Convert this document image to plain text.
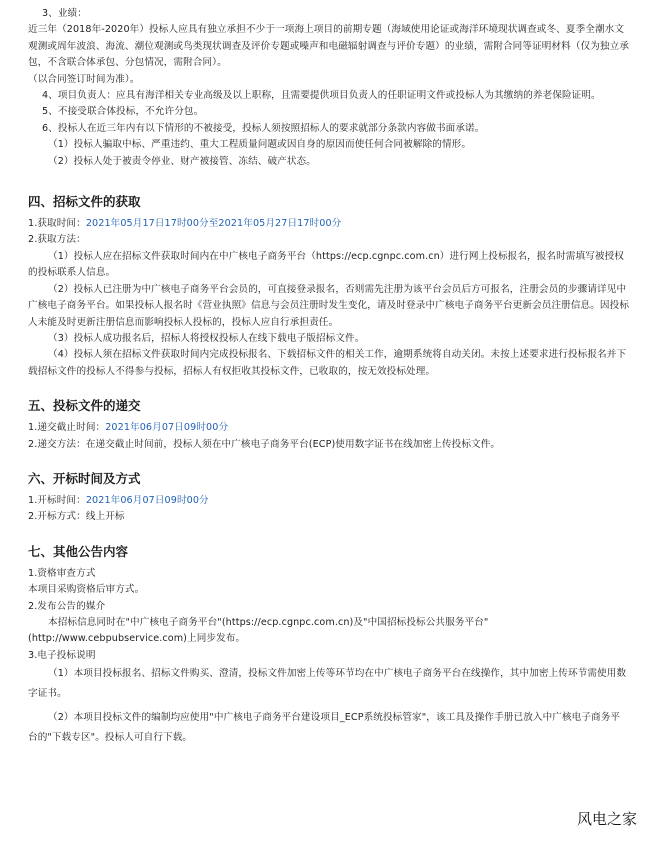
3、业绩：

近三年（2018年-2020年）投标人应具有独立承担不少于一项海上项目的前期专题（海域使用论证或海洋环境现状调查或冬、夏季全潮水文观测或周年波浪、海流、潮位观测或鸟类现状调查及评价专题或噪声和电磁辐射调查与评价专题）的业绩，需附合同等证明材料（仅为独立承包，不含联合体承包、分包情况，需附合同）。

（以合同签订时间为准）。

4、项目负责人：应具有海洋相关专业高级及以上职称，且需要提供项目负责人的任职证明文件或投标人为其缴纳的养老保险证明。

5、不接受联合体投标，不允许分包。

6、投标人在近三年内有以下情形的不被接受，投标人须按照招标人的要求就部分条款内容做书面承诺。

（1）投标人骗取中标、严重违约、重大工程质量问题或因自身的原因而使任何合同被解除的情形。

（2）投标人处于被责令停业、财产被接管、冻结、破产状态。

四、招标文件的获取

1.获取时间：2021年05月17日17时00分至2021年05月27日17时00分

2.获取方法：

（1）投标人应在招标文件获取时间内在中广核电子商务平台（https://ecp.cgnpc.com.cn）进行网上投标报名，报名时需填写被授权的投标联系人信息。

（2）投标人已注册为中广核电子商务平台会员的，可直接登录报名，否则需先注册为该平台会员后方可报名，注册会员的步骤请详见中广核电子商务平台。如果投标人报名时《营业执照》信息与会员注册时发生变化，请及时登录中广核电子商务平台更新会员注册信息。因投标人未能及时更新注册信息而影响投标人投标的，投标人应自行承担责任。

（3）投标人成功报名后，招标人将授权投标人在线下载电子版招标文件。

（4）投标人须在招标文件获取时间内完成投标报名、下载招标文件的相关工作，逾期系统将自动关闭。未按上述要求进行投标报名并下载招标文件的投标人不得参与投标，招标人有权拒收其投标文件，已收取的，按无效投标处理。

五、投标文件的递交

1.递交截止时间：2021年06月07日09时00分

2.递交方法：在递交截止时间前，投标人须在中广核电子商务平台(ECP)使用数字证书在线加密上传投标文件。

六、开标时间及方式

1.开标时间：2021年06月07日09时00分

2.开标方式：线上开标

七、其他公告内容

1.资格审查方式

本项目采购资格后审方式。

2.发布公告的媒介

本招标信息同时在"中广核电子商务平台"(https://ecp.cgnpc.com.cn)及"中国招标投标公共服务平台"(http://www.cebpubservice.com)上同步发布。

3.电子投标说明

（1）本项目投标报名、招标文件购买、澄清，投标文件加密上传等环节均在中广核电子商务平台在线操作，其中加密上传环节需使用数字证书。

（2）本项目投标文件的编制均应使用"中广核电子商务平台建设项目_ECP系统投标管家"，该工具及操作手册已放入中广核电子商务平台的"下载专区"。投标人可自行下载。

风电之家
